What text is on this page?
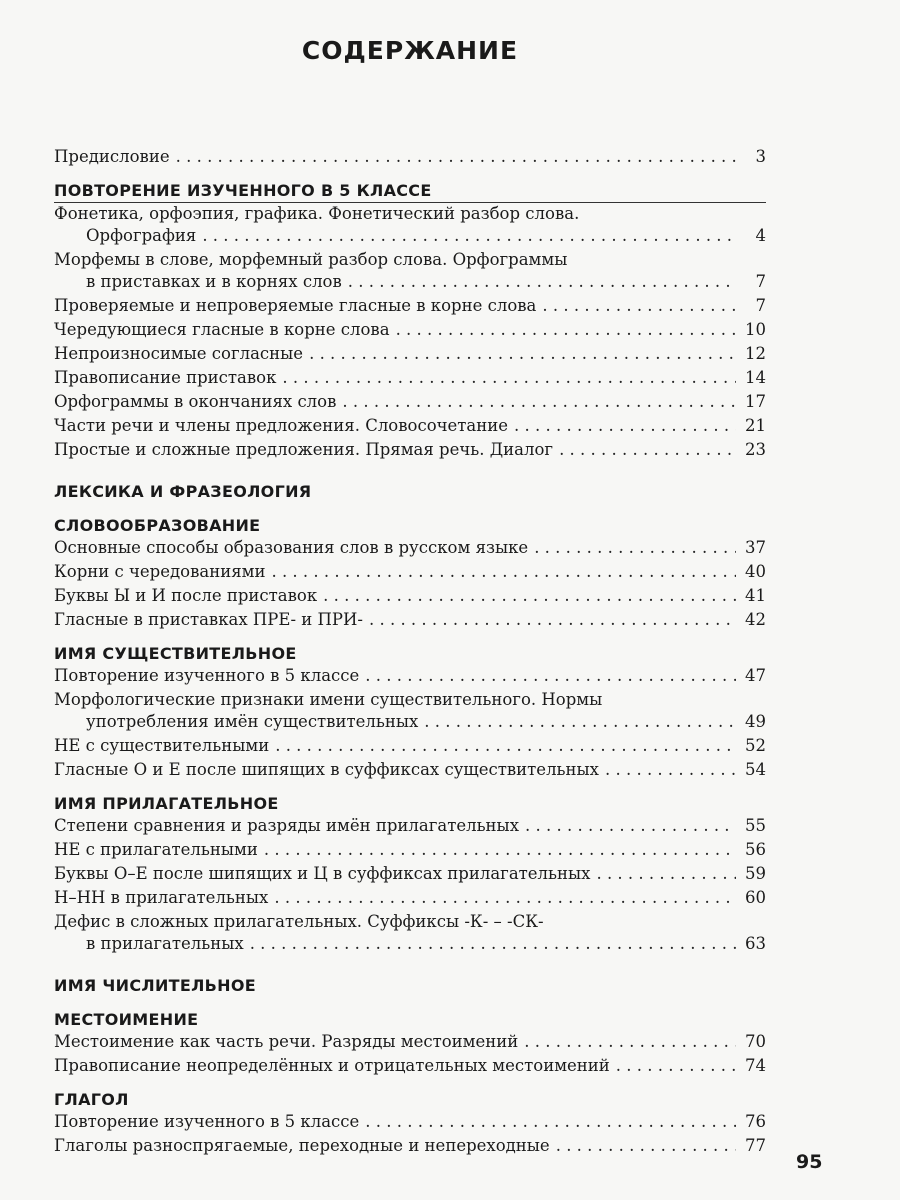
СОДЕРЖАНИЕ
Предисловие . . .	3
ПОВТОРЕНИЕ ИЗУЧЕННОГО В 5 КЛАССЕ
Фонетика, орфоэпия, графика. Фонетический разбор слова.
Орфография . . .	4
Морфемы в слове, морфемный разбор слова. Орфограммы
в приставках и в корнях слов . . .	7
Проверяемые и непроверяемые гласные в корне слова . . .	7
Чередующиеся гласные в корне слова . . .	10
Непроизносимые согласные . . .	12
Правописание приставок . . .	14
Орфограммы в окончаниях слов . . .	17
Части речи и члены предложения. Словосочетание . . .	21
Простые и сложные предложения. Прямая речь. Диалог . . .	23
ЛЕКСИКА И ФРАЗЕОЛОГИЯ
СЛОВООБРАЗОВАНИЕ
Основные способы образования слов в русском языке . . .	37
Корни с чередованиями . . .	40
Буквы Ы и И после приставок . . .	41
Гласные в приставках ПРЕ- и ПРИ- . . .	42
ИМЯ СУЩЕСТВИТЕЛЬНОЕ
Повторение изученного в 5 классе . . .	47
Морфологические признаки имени существительного. Нормы
употребления имён существительных . . .	49
НЕ с существительными . . .	52
Гласные О и Е после шипящих в суффиксах существительных . . .	54
ИМЯ ПРИЛАГАТЕЛЬНОЕ
Степени сравнения и разряды имён прилагательных . . .	55
НЕ с прилагательными . . .	56
Буквы О–Е после шипящих и Ц в суффиксах прилагательных . . .	59
Н–НН в прилагательных . . .	60
Дефис в сложных прилагательных. Суффиксы -К- – -СК-
в прилагательных . . .	63
ИМЯ ЧИСЛИТЕЛЬНОЕ
МЕСТОИМЕНИЕ
Местоимение как часть речи. Разряды местоимений . . .	70
Правописание неопределённых и отрицательных местоимений . . .	74
ГЛАГОЛ
Повторение изученного в 5 классе . . .	76
Глаголы разноспрягаемые, переходные и непереходные . . .	77
95
